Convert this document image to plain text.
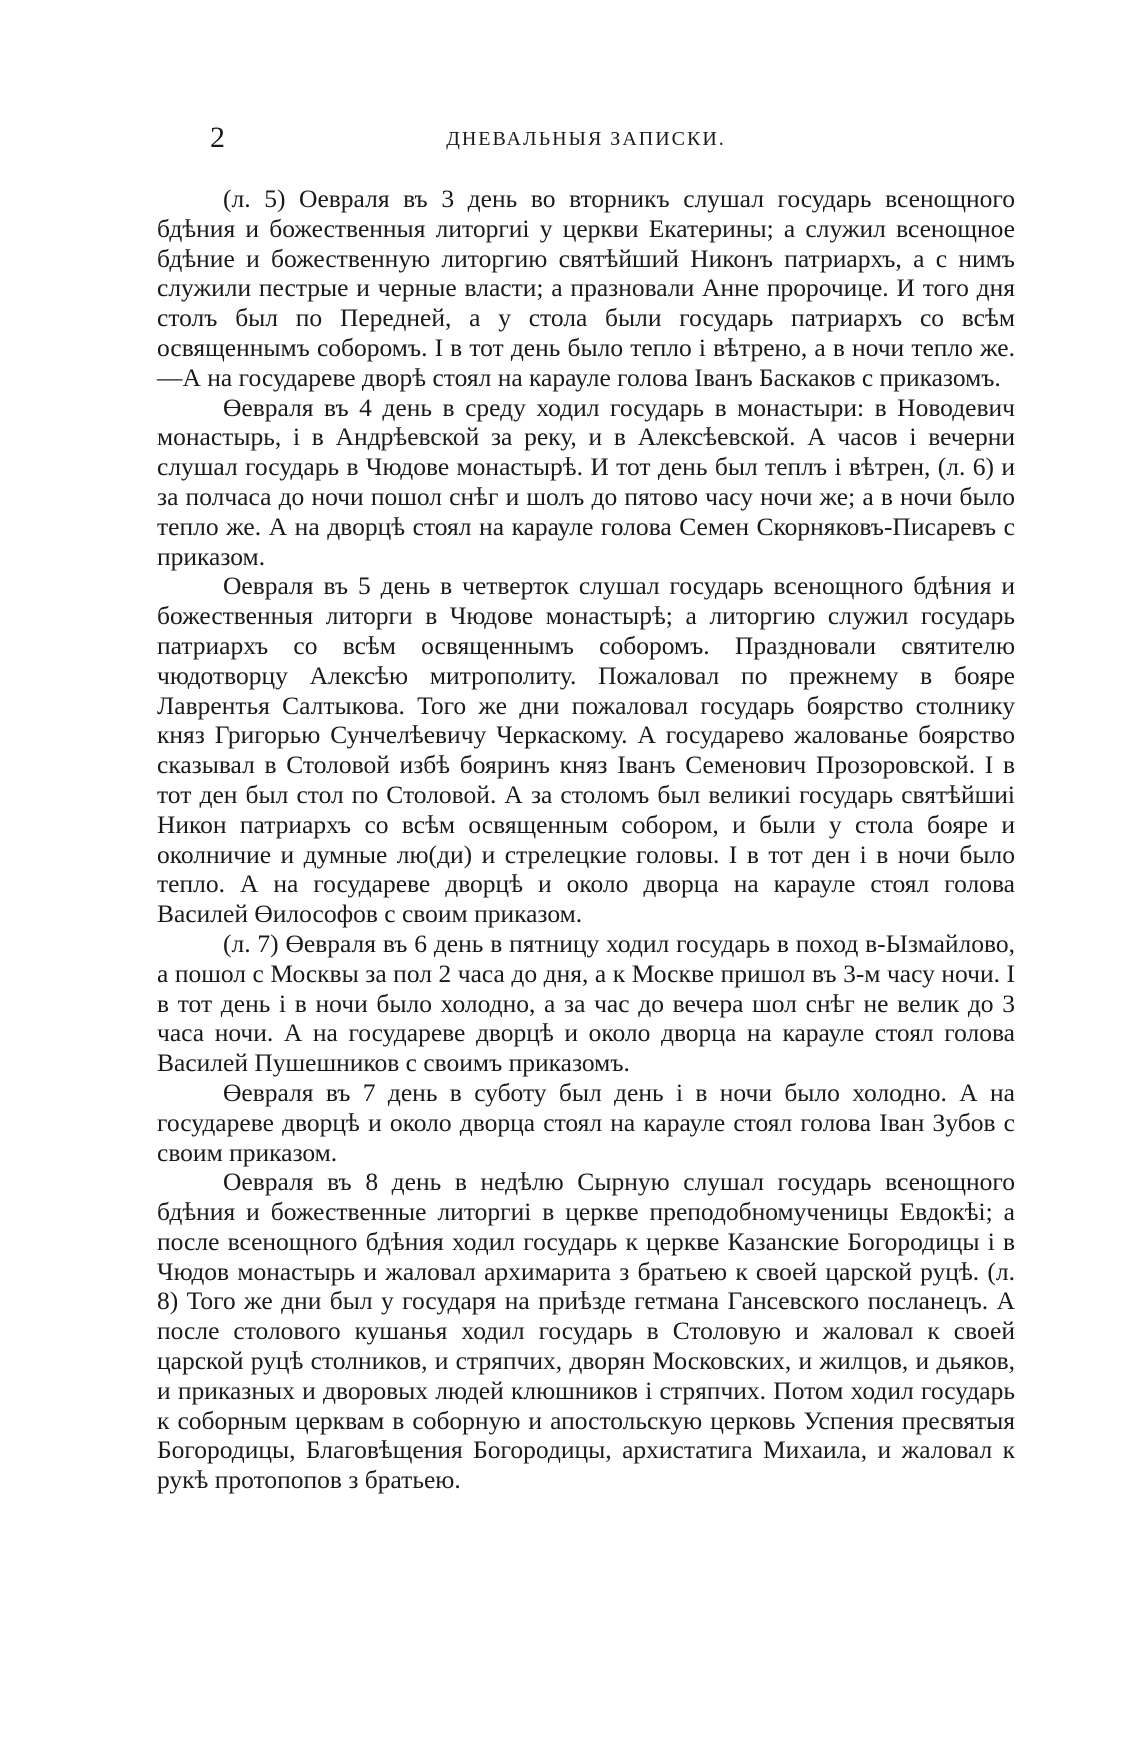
2	ДНЕВАЛЬНЫЯ ЗАПИСКИ.

(л. 5) Оевраля въ 3 день во вторникъ слушал государь всенощного бдѣния и божественныя литоргиі у церкви Екатерины; а служил всенощное бдѣние и божественную литоргию святѣйший Никонъ патриархъ, а с нимъ служили пестрые и черные власти; а празновали Анне пророчице. И того дня столъ был по Передней, а у стола были государь патриархъ со всѣм освященнымъ соборомъ. І в тот день было тепло і вѣтрено, а в ночи тепло же.—А на государеве дворѣ стоял на карауле голова Іванъ Баскаков с приказомъ.

Өевраля въ 4 день в среду ходил государь в монастыри: в Новодевич монастырь, і в Андрѣевской за реку, и в Алексѣевской. А часов і вечерни слушал государь в Чюдове монастырѣ. И тот день был теплъ і вѣтрен, (л. 6) и за полчаса до ночи пошол снѣг и шолъ до пятово часу ночи же; а в ночи было тепло же. А на дворцѣ стоял на карауле голова Семен Скорняковъ-Писаревъ с приказом.

Оевраля въ 5 день в четверток слушал государь всенощного бдѣния и божественныя литорги в Чюдове монастырѣ; а литоргию служил государь патриархъ со всѣм освященнымъ соборомъ. Праздновали святителю чюдотворцу Алексѣю митрополиту. Пожаловал по прежнему в бояре Лаврентья Салтыкова. Того же дни пожаловал государь боярство столнику княз Григорью Сунчелѣевичу Черкаскому. А государево жалованье боярство сказывал в Столовой избѣ бояринъ княз Іванъ Семенович Прозоровской. І в тот ден был стол по Столовой. А за столомъ был великиі государь святѣйшиі Никон патриархъ со всѣм освященным собором, и были у стола бояре и околничие и думные лю(ди) и стрелецкие головы. І в тот ден і в ночи было тепло. А на государеве дворцѣ и около дворца на карауле стоял голова Василей Өилософов с своим приказом.

(л. 7) Өевраля въ 6 день в пятницу ходил государь в поход в-Ызмайлово, а пошол с Москвы за пол 2 часа до дня, а к Москве пришол въ 3-м часу ночи. І в тот день і в ночи было холодно, а за час до вечера шол снѣг не велик до 3 часа ночи. А на государеве дворцѣ и около дворца на карауле стоял голова Василей Пушешников с своимъ приказомъ.

Өевраля въ 7 день в суботу был день і в ночи было холодно. А на государеве дворцѣ и около дворца стоял на карауле стоял голова Іван Зубов с своим приказом.

Оевраля въ 8 день в недѣлю Сырную слушал государь всенощного бдѣния и божественные литоргиі в церкве преподобномученицы Евдокѣі; а после всенощного бдѣния ходил государь к церкве Казанские Богородицы і в Чюдов монастырь и жаловал архимарита з братьею к своей царской руцѣ. (л. 8) Того же дни был у государя на приѣзде гетмана Гансевского посланецъ. А после столового кушанья ходил государь в Столовую и жаловал к своей царской руцѣ столников, и стряпчих, дворян Московских, и жилцов, и дьяков, и приказных и дворовых людей клюшников і стряпчих. Потом ходил государь к соборным церквам в соборную и апостольскую церковь Успения пресвятыя Богородицы, Благовѣщения Богородицы, архистатига Михаила, и жаловал к рукѣ протопопов з братьею.
